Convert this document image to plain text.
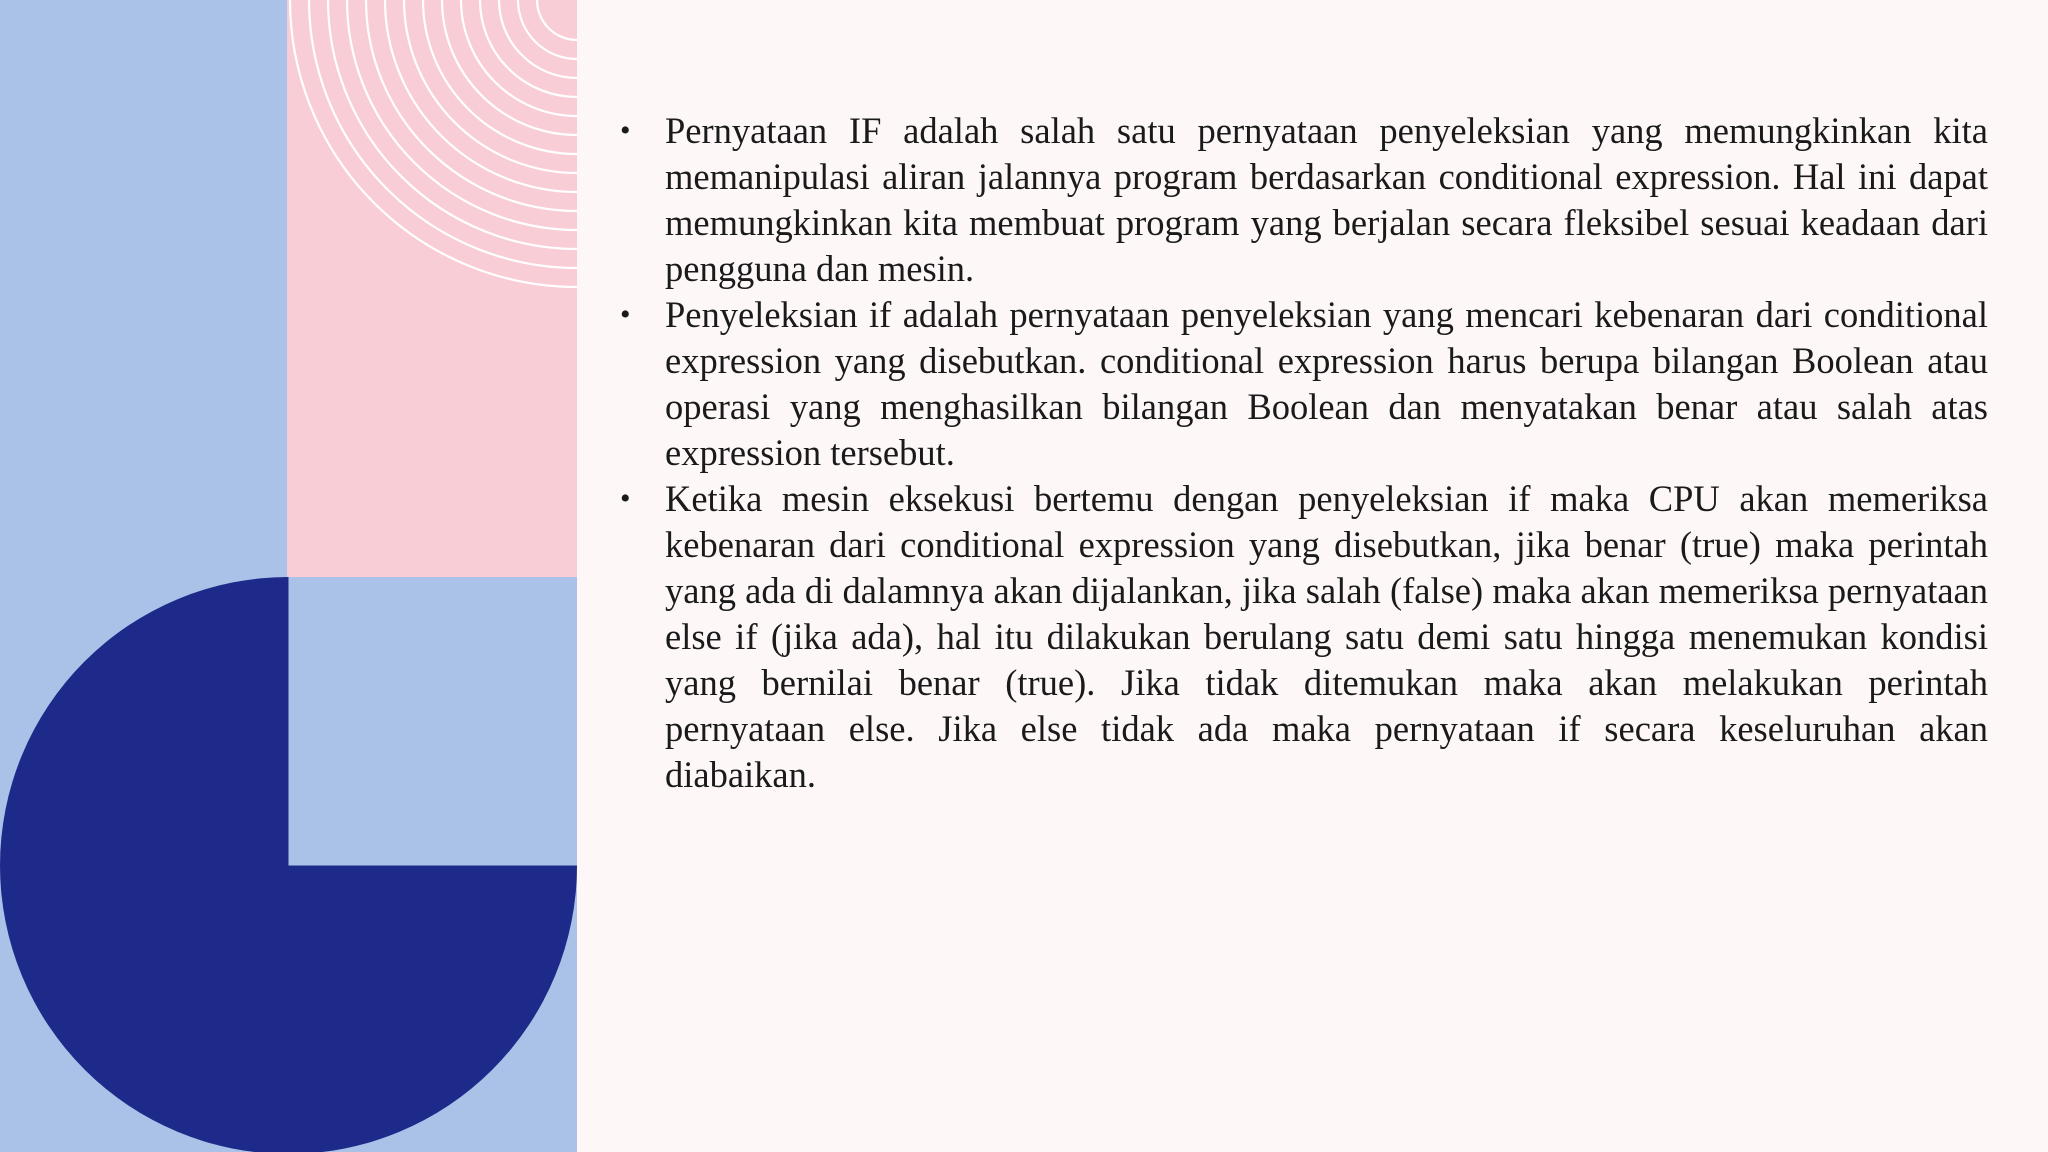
• Pernyataan IF adalah salah satu pernyataan penyeleksian yang memungkinkan kita memanipulasi aliran jalannya program berdasarkan conditional expression. Hal ini dapat memungkinkan kita membuat program yang berjalan secara fleksibel sesuai keadaan dari pengguna dan mesin.
• Penyeleksian if adalah pernyataan penyeleksian yang mencari kebenaran dari conditional expression yang disebutkan. conditional expression harus berupa bilangan Boolean atau operasi yang menghasilkan bilangan Boolean dan menyatakan benar atau salah atas expression tersebut.
• Ketika mesin eksekusi bertemu dengan penyeleksian if maka CPU akan memeriksa kebenaran dari conditional expression yang disebutkan, jika benar (true) maka perintah yang ada di dalamnya akan dijalankan, jika salah (false) maka akan memeriksa pernyataan else if (jika ada), hal itu dilakukan berulang satu demi satu hingga menemukan kondisi yang bernilai benar (true). Jika tidak ditemukan maka akan melakukan perintah pernyataan else. Jika else tidak ada maka pernyataan if secara keseluruhan akan diabaikan.
